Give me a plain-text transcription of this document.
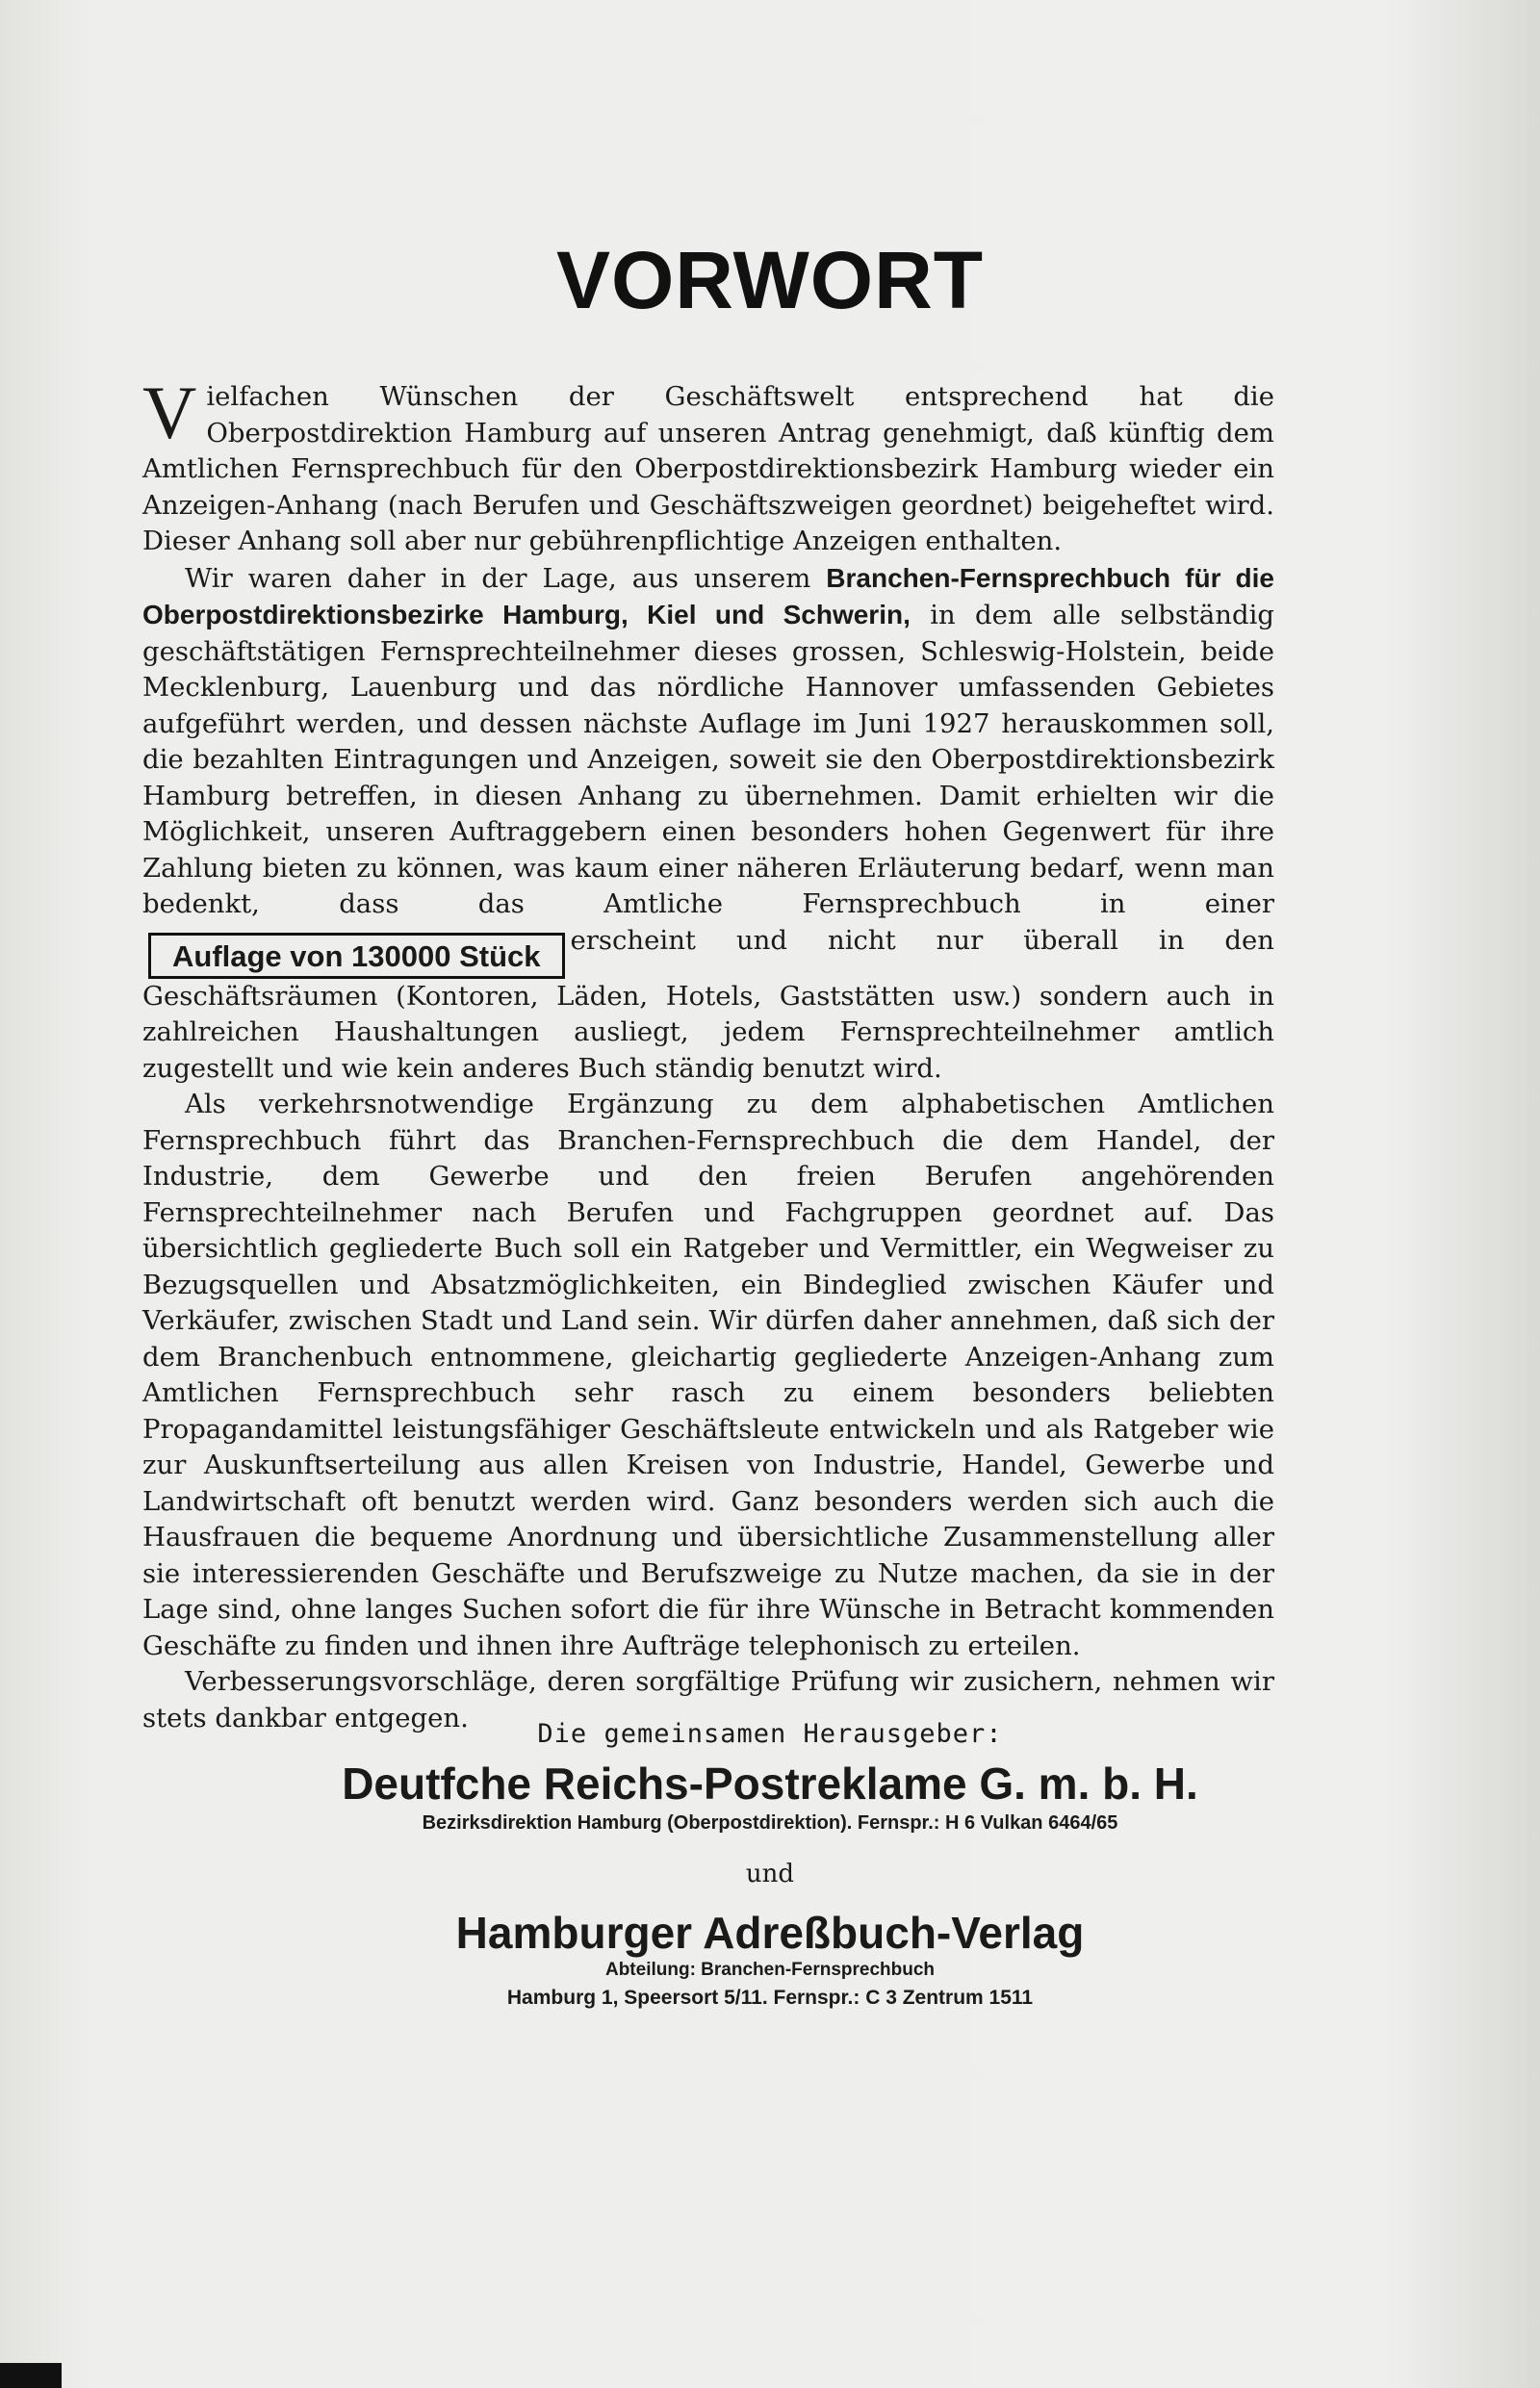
VORWORT

Vielfachen Wünschen der Geschäftswelt entsprechend hat die Oberpostdirektion Hamburg auf unseren Antrag genehmigt, daß künftig dem Amtlichen Fernsprechbuch für den Oberpostdirektionsbezirk Hamburg wieder ein Anzeigen-Anhang (nach Berufen und Geschäftszweigen geordnet) beigeheftet wird. Dieser Anhang soll aber nur gebührenpflichtige Anzeigen enthalten.

Wir waren daher in der Lage, aus unserem Branchen-Fernsprechbuch für die Oberpostdirektionsbezirke Hamburg, Kiel und Schwerin, in dem alle selbständig geschäftstätigen Fernsprechteilnehmer dieses grossen, Schleswig-Holstein, beide Mecklenburg, Lauenburg und das nördliche Hannover umfassenden Gebietes aufgeführt werden, und dessen nächste Auflage im Juni 1927 herauskommen soll, die bezahlten Eintragungen und Anzeigen, soweit sie den Oberpostdirektionsbezirk Hamburg betreffen, in diesen Anhang zu übernehmen. Damit erhielten wir die Möglichkeit, unseren Auftraggebern einen besonders hohen Gegenwert für ihre Zahlung bieten zu können, was kaum einer näheren Erläuterung bedarf, wenn man bedenkt, dass das Amtliche Fernsprechbuch in einerAuflage von 130000 Stück erscheint und nicht nur überall in den Geschäftsräumen (Kontoren, Läden, Hotels, Gaststätten usw.) sondern auch in zahlreichen Haushaltungen ausliegt, jedem Fernsprechteilnehmer amtlich zugestellt und wie kein anderes Buch ständig benutzt wird.

Als verkehrsnotwendige Ergänzung zu dem alphabetischen Amtlichen Fernsprechbuch führt das Branchen-Fernsprechbuch die dem Handel, der Industrie, dem Gewerbe und den freien Berufen angehörenden Fernsprechteilnehmer nach Berufen und Fachgruppen geordnet auf. Das übersichtlich gegliederte Buch soll ein Ratgeber und Vermittler, ein Wegweiser zu Bezugsquellen und Absatzmöglichkeiten, ein Bindeglied zwischen Käufer und Verkäufer, zwischen Stadt und Land sein. Wir dürfen daher annehmen, daß sich der dem Branchenbuch entnommene, gleichartig gegliederte Anzeigen-Anhang zum Amtlichen Fernsprechbuch sehr rasch zu einem besonders beliebten Propagandamittel leistungsfähiger Geschäftsleute entwickeln und als Ratgeber wie zur Auskunftserteilung aus allen Kreisen von Industrie, Handel, Gewerbe und Landwirtschaft oft benutzt werden wird. Ganz besonders werden sich auch die Hausfrauen die bequeme Anordnung und übersichtliche Zusammenstellung aller sie interessierenden Geschäfte und Berufszweige zu Nutze machen, da sie in der Lage sind, ohne langes Suchen sofort die für ihre Wünsche in Betracht kommenden Geschäfte zu finden und ihnen ihre Aufträge telephonisch zu erteilen.

Verbesserungsvorschläge, deren sorgfältige Prüfung wir zusichern, nehmen wir stets dankbar entgegen.

Die gemeinsamen Herausgeber:
Deutfche Reichs-Postreklame G. m. b. H.
Bezirksdirektion Hamburg (Oberpostdirektion). Fernspr.: H 6 Vulkan 6464/65
und
Hamburger Adreßbuch-Verlag
Abteilung: Branchen-Fernsprechbuch
Hamburg 1, Speersort 5/11. Fernspr.: C 3 Zentrum 1511
